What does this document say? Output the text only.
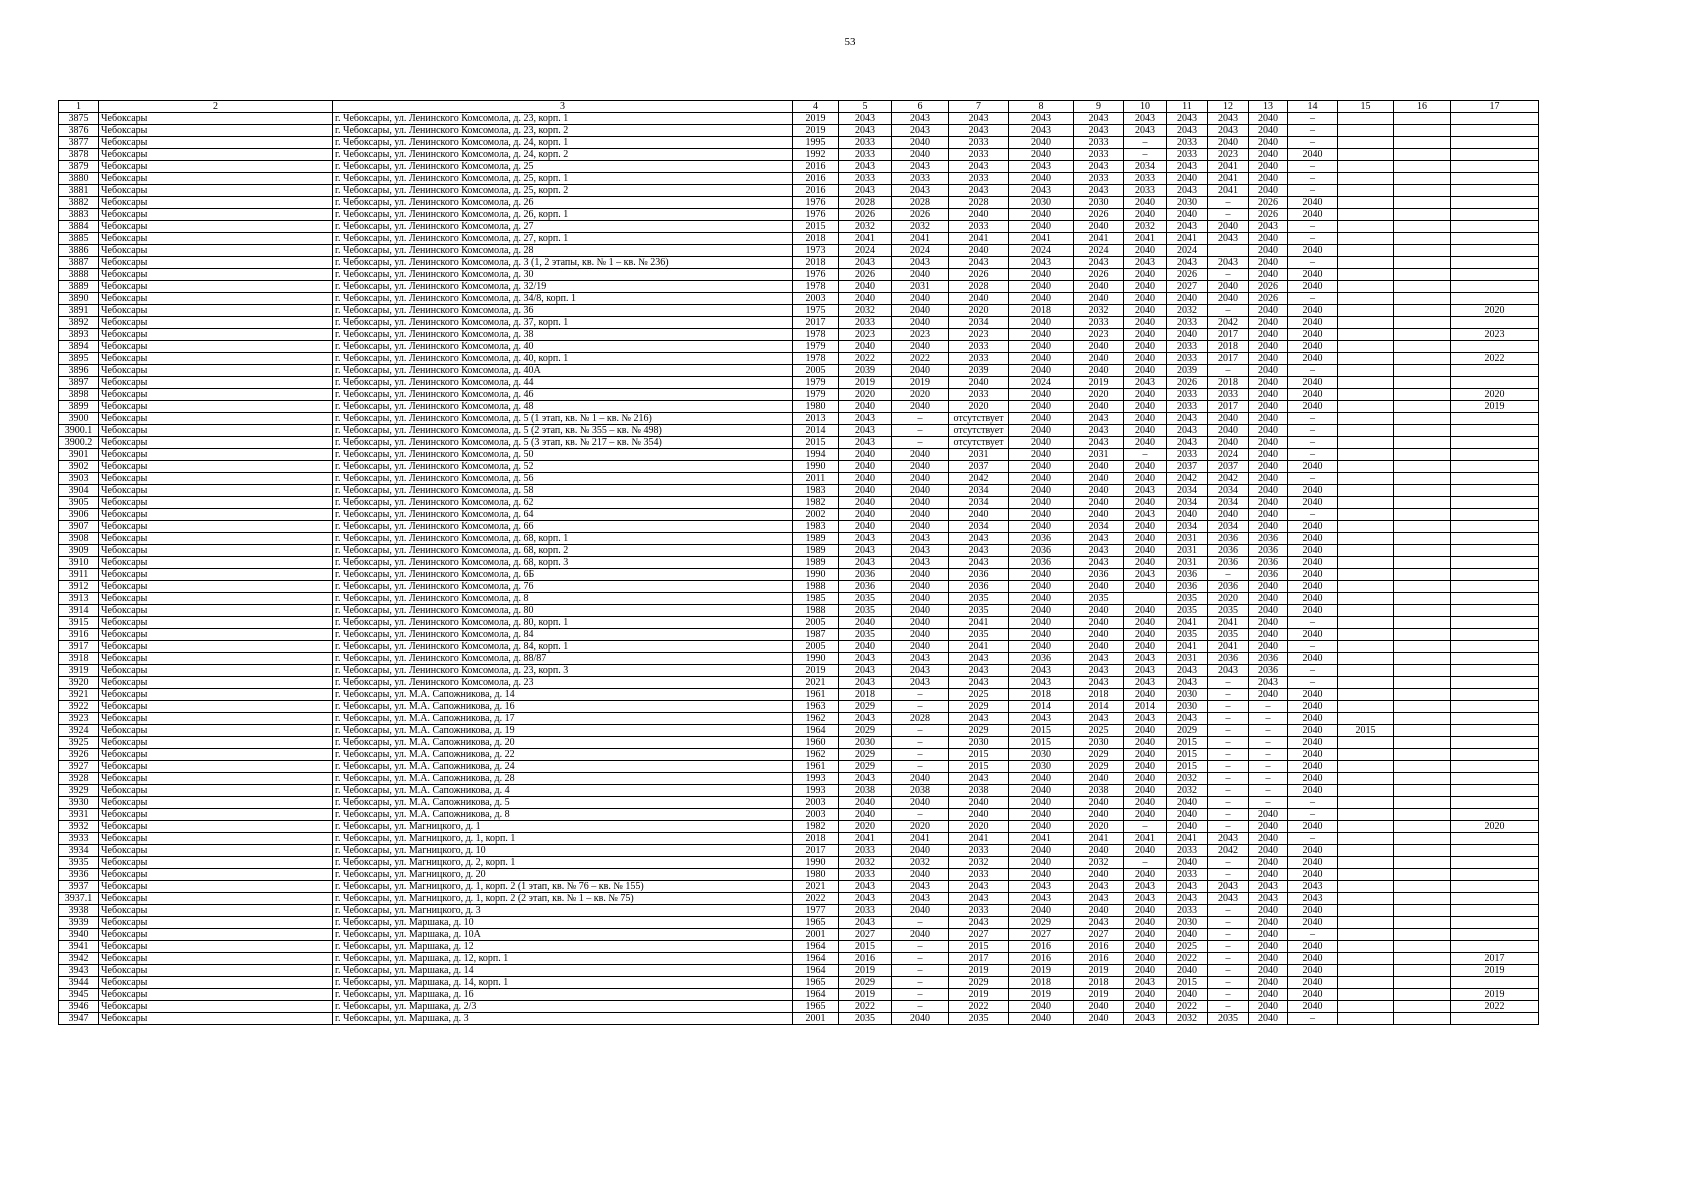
53
1	2	3	4	5	6	7	8	9	10	11	12	13	14	15	16	17
3875	Чебоксары	г. Чебоксары, ул. Ленинского Комсомола, д. 23, корп. 1	2019	2043	2043	2043	2043	2043	2043	2043	2043	2040	–			
3876	Чебоксары	г. Чебоксары, ул. Ленинского Комсомола, д. 23, корп. 2	2019	2043	2043	2043	2043	2043	2043	2043	2043	2040	–			
3877	Чебоксары	г. Чебоксары, ул. Ленинского Комсомола, д. 24, корп. 1	1995	2033	2040	2033	2040	2033	–	2033	2040	2040	–			
3878	Чебоксары	г. Чебоксары, ул. Ленинского Комсомола, д. 24, корп. 2	1992	2033	2040	2033	2040	2033	–	2033	2023	2040	2040			
3879	Чебоксары	г. Чебоксары, ул. Ленинского Комсомола, д. 25	2016	2043	2043	2043	2043	2043	2034	2043	2041	2040	–			
3880	Чебоксары	г. Чебоксары, ул. Ленинского Комсомола, д. 25, корп. 1	2016	2033	2033	2033	2040	2033	2033	2040	2041	2040	–			
3881	Чебоксары	г. Чебоксары, ул. Ленинского Комсомола, д. 25, корп. 2	2016	2043	2043	2043	2043	2043	2033	2043	2041	2040	–			
3882	Чебоксары	г. Чебоксары, ул. Ленинского Комсомола, д. 26	1976	2028	2028	2028	2030	2030	2040	2030	–	2026	2040			
3883	Чебоксары	г. Чебоксары, ул. Ленинского Комсомола, д. 26, корп. 1	1976	2026	2026	2040	2040	2026	2040	2040	–	2026	2040			
3884	Чебоксары	г. Чебоксары, ул. Ленинского Комсомола, д. 27	2015	2032	2032	2033	2040	2040	2032	2043	2040	2043	–			
3885	Чебоксары	г. Чебоксары, ул. Ленинского Комсомола, д. 27, корп. 1	2018	2041	2041	2041	2041	2041	2041	2041	2043	2040	–			
3886	Чебоксары	г. Чебоксары, ул. Ленинского Комсомола, д. 28	1973	2024	2024	2040	2024	2024	2040	2024		2040	2040			
3887	Чебоксары	г. Чебоксары, ул. Ленинского Комсомола, д. 3 (1, 2 этапы, кв. № 1 – кв. № 236)	2018	2043	2043	2043	2043	2043	2043	2043	2043	2040	–			
3888	Чебоксары	г. Чебоксары, ул. Ленинского Комсомола, д. 30	1976	2026	2040	2026	2040	2026	2040	2026	–	2040	2040			
3889	Чебоксары	г. Чебоксары, ул. Ленинского Комсомола, д. 32/19	1978	2040	2031	2028	2040	2040	2040	2027	2040	2026	2040			
3890	Чебоксары	г. Чебоксары, ул. Ленинского Комсомола, д. 34/8, корп. 1	2003	2040	2040	2040	2040	2040	2040	2040	2040	2026	–			
3891	Чебоксары	г. Чебоксары, ул. Ленинского Комсомола, д. 36	1975	2032	2040	2020	2018	2032	2040	2032	–	2040	2040			2020
3892	Чебоксары	г. Чебоксары, ул. Ленинского Комсомола, д. 37, корп. 1	2017	2033	2040	2034	2040	2033	2040	2033	2042	2040	2040			
3893	Чебоксары	г. Чебоксары, ул. Ленинского Комсомола, д. 38	1978	2023	2023	2023	2040	2023	2040	2040	2017	2040	2040			2023
3894	Чебоксары	г. Чебоксары, ул. Ленинского Комсомола, д. 40	1979	2040	2040	2033	2040	2040	2040	2033	2018	2040	2040			
3895	Чебоксары	г. Чебоксары, ул. Ленинского Комсомола, д. 40, корп. 1	1978	2022	2022	2033	2040	2040	2040	2033	2017	2040	2040			2022
3896	Чебоксары	г. Чебоксары, ул. Ленинского Комсомола, д. 40А	2005	2039	2040	2039	2040	2040	2040	2039	–	2040	–			
3897	Чебоксары	г. Чебоксары, ул. Ленинского Комсомола, д. 44	1979	2019	2019	2040	2024	2019	2043	2026	2018	2040	2040			
3898	Чебоксары	г. Чебоксары, ул. Ленинского Комсомола, д. 46	1979	2020	2020	2033	2040	2020	2040	2033	2033	2040	2040			2020
3899	Чебоксары	г. Чебоксары, ул. Ленинского Комсомола, д. 48	1980	2040	2040	2020	2040	2040	2040	2033	2017	2040	2040			2019
3900	Чебоксары	г. Чебоксары, ул. Ленинского Комсомола, д. 5 (1 этап, кв. № 1 – кв. № 216)	2013	2043	–	отсутствует	2040	2043	2040	2043	2040	2040	–			
3900.1	Чебоксары	г. Чебоксары, ул. Ленинского Комсомола, д. 5 (2 этап, кв. № 355 – кв. № 498)	2014	2043	–	отсутствует	2040	2043	2040	2043	2040	2040	–			
3900.2	Чебоксары	г. Чебоксары, ул. Ленинского Комсомола, д. 5 (3 этап, кв. № 217 – кв. № 354)	2015	2043	–	отсутствует	2040	2043	2040	2043	2040	2040	–			
3901	Чебоксары	г. Чебоксары, ул. Ленинского Комсомола, д. 50	1994	2040	2040	2031	2040	2031	–	2033	2024	2040	–			
3902	Чебоксары	г. Чебоксары, ул. Ленинского Комсомола, д. 52	1990	2040	2040	2037	2040	2040	2040	2037	2037	2040	2040			
3903	Чебоксары	г. Чебоксары, ул. Ленинского Комсомола, д. 56	2011	2040	2040	2042	2040	2040	2040	2042	2042	2040	–			
3904	Чебоксары	г. Чебоксары, ул. Ленинского Комсомола, д. 58	1983	2040	2040	2034	2040	2040	2043	2034	2034	2040	2040			
3905	Чебоксары	г. Чебоксары, ул. Ленинского Комсомола, д. 62	1982	2040	2040	2034	2040	2040	2040	2034	2034	2040	2040			
3906	Чебоксары	г. Чебоксары, ул. Ленинского Комсомола, д. 64	2002	2040	2040	2040	2040	2040	2043	2040	2040	2040	–			
3907	Чебоксары	г. Чебоксары, ул. Ленинского Комсомола, д. 66	1983	2040	2040	2034	2040	2034	2040	2034	2034	2040	2040			
3908	Чебоксары	г. Чебоксары, ул. Ленинского Комсомола, д. 68, корп. 1	1989	2043	2043	2043	2036	2043	2040	2031	2036	2036	2040			
3909	Чебоксары	г. Чебоксары, ул. Ленинского Комсомола, д. 68, корп. 2	1989	2043	2043	2043	2036	2043	2040	2031	2036	2036	2040			
3910	Чебоксары	г. Чебоксары, ул. Ленинского Комсомола, д. 68, корп. 3	1989	2043	2043	2043	2036	2043	2040	2031	2036	2036	2040			
3911	Чебоксары	г. Чебоксары, ул. Ленинского Комсомола, д. 6Б	1990	2036	2040	2036	2040	2036	2043	2036	–	2036	2040			
3912	Чебоксары	г. Чебоксары, ул. Ленинского Комсомола, д. 76	1988	2036	2040	2036	2040	2040	2040	2036	2036	2040	2040			
3913	Чебоксары	г. Чебоксары, ул. Ленинского Комсомола, д. 8	1985	2035	2040	2035	2040	2035		2035	2020	2040	2040			
3914	Чебоксары	г. Чебоксары, ул. Ленинского Комсомола, д. 80	1988	2035	2040	2035	2040	2040	2040	2035	2035	2040	2040			
3915	Чебоксары	г. Чебоксары, ул. Ленинского Комсомола, д. 80, корп. 1	2005	2040	2040	2041	2040	2040	2040	2041	2041	2040	–			
3916	Чебоксары	г. Чебоксары, ул. Ленинского Комсомола, д. 84	1987	2035	2040	2035	2040	2040	2040	2035	2035	2040	2040			
3917	Чебоксары	г. Чебоксары, ул. Ленинского Комсомола, д. 84, корп. 1	2005	2040	2040	2041	2040	2040	2040	2041	2041	2040	–			
3918	Чебоксары	г. Чебоксары, ул. Ленинского Комсомола, д. 88/87	1990	2043	2043	2043	2036	2043	2043	2031	2036	2036	2040			
3919	Чебоксары	г. Чебоксары, ул. Ленинского Комсомола, д. 23, корп. 3	2019	2043	2043	2043	2043	2043	2043	2043	2043	2036	–			
3920	Чебоксары	г. Чебоксары, ул. Ленинского Комсомола, д. 23	2021	2043	2043	2043	2043	2043	2043	2043	–	2043	–			
3921	Чебоксары	г. Чебоксары, ул. М.А. Сапожникова, д. 14	1961	2018	–	2025	2018	2018	2040	2030	–	2040	2040			
3922	Чебоксары	г. Чебоксары, ул. М.А. Сапожникова, д. 16	1963	2029	–	2029	2014	2014	2014	2030	–	–	2040			
3923	Чебоксары	г. Чебоксары, ул. М.А. Сапожникова, д. 17	1962	2043	2028	2043	2043	2043	2043	2043	–	–	2040			
3924	Чебоксары	г. Чебоксары, ул. М.А. Сапожникова, д. 19	1964	2029	–	2029	2015	2025	2040	2029	–	–	2040	2015		
3925	Чебоксары	г. Чебоксары, ул. М.А. Сапожникова, д. 20	1960	2030	–	2030	2015	2030	2040	2015	–	–	2040			
3926	Чебоксары	г. Чебоксары, ул. М.А. Сапожникова, д. 22	1962	2029	–	2015	2030	2029	2040	2015	–	–	2040			
3927	Чебоксары	г. Чебоксары, ул. М.А. Сапожникова, д. 24	1961	2029	–	2015	2030	2029	2040	2015	–	–	2040			
3928	Чебоксары	г. Чебоксары, ул. М.А. Сапожникова, д. 28	1993	2043	2040	2043	2040	2040	2040	2032	–	–	2040			
3929	Чебоксары	г. Чебоксары, ул. М.А. Сапожникова, д. 4	1993	2038	2038	2038	2040	2038	2040	2032	–	–	2040			
3930	Чебоксары	г. Чебоксары, ул. М.А. Сапожникова, д. 5	2003	2040	2040	2040	2040	2040	2040	2040	–	–	–			
3931	Чебоксары	г. Чебоксары, ул. М.А. Сапожникова, д. 8	2003	2040	–	2040	2040	2040	2040	2040	–	2040	–			
3932	Чебоксары	г. Чебоксары, ул. Магницкого, д. 1	1982	2020	2020	2020	2040	2020	–	2040	–	2040	2040			2020
3933	Чебоксары	г. Чебоксары, ул. Магницкого, д. 1, корп. 1	2018	2041	2041	2041	2041	2041	2041	2041	2043	2040	–			
3934	Чебоксары	г. Чебоксары, ул. Магницкого, д. 10	2017	2033	2040	2033	2040	2040	2040	2033	2042	2040	2040			
3935	Чебоксары	г. Чебоксары, ул. Магницкого, д. 2, корп. 1	1990	2032	2032	2032	2040	2032	–	2040	–	2040	2040			
3936	Чебоксары	г. Чебоксары, ул. Магницкого, д. 20	1980	2033	2040	2033	2040	2040	2040	2033	–	2040	2040			
3937	Чебоксары	г. Чебоксары, ул. Магницкого, д. 1, корп. 2 (1 этап, кв. № 76 – кв. № 155)	2021	2043	2043	2043	2043	2043	2043	2043	2043	2043	2043			
3937.1	Чебоксары	г. Чебоксары, ул. Магницкого, д. 1, корп. 2 (2 этап, кв. № 1 – кв. № 75)	2022	2043	2043	2043	2043	2043	2043	2043	2043	2043	2043			
3938	Чебоксары	г. Чебоксары, ул. Магницкого, д. 3	1977	2033	2040	2033	2040	2040	2040	2033	–	2040	2040			
3939	Чебоксары	г. Чебоксары, ул. Маршака, д. 10	1965	2043	–	2043	2029	2043	2040	2030	–	2040	2040			
3940	Чебоксары	г. Чебоксары, ул. Маршака, д. 10А	2001	2027	2040	2027	2027	2027	2040	2040	–	2040	–			
3941	Чебоксары	г. Чебоксары, ул. Маршака, д. 12	1964	2015	–	2015	2016	2016	2040	2025	–	2040	2040			
3942	Чебоксары	г. Чебоксары, ул. Маршака, д. 12, корп. 1	1964	2016	–	2017	2016	2016	2040	2022	–	2040	2040			2017
3943	Чебоксары	г. Чебоксары, ул. Маршака, д. 14	1964	2019	–	2019	2019	2019	2040	2040	–	2040	2040			2019
3944	Чебоксары	г. Чебоксары, ул. Маршака, д. 14, корп. 1	1965	2029	–	2029	2018	2018	2043	2015	–	2040	2040			
3945	Чебоксары	г. Чебоксары, ул. Маршака, д. 16	1964	2019	–	2019	2019	2019	2040	2040	–	2040	2040			2019
3946	Чебоксары	г. Чебоксары, ул. Маршака, д. 2/3	1965	2022	–	2022	2040	2040	2040	2022	–	2040	2040			2022
3947	Чебоксары	г. Чебоксары, ул. Маршака, д. 3	2001	2035	2040	2035	2040	2040	2043	2032	2035	2040	–			
